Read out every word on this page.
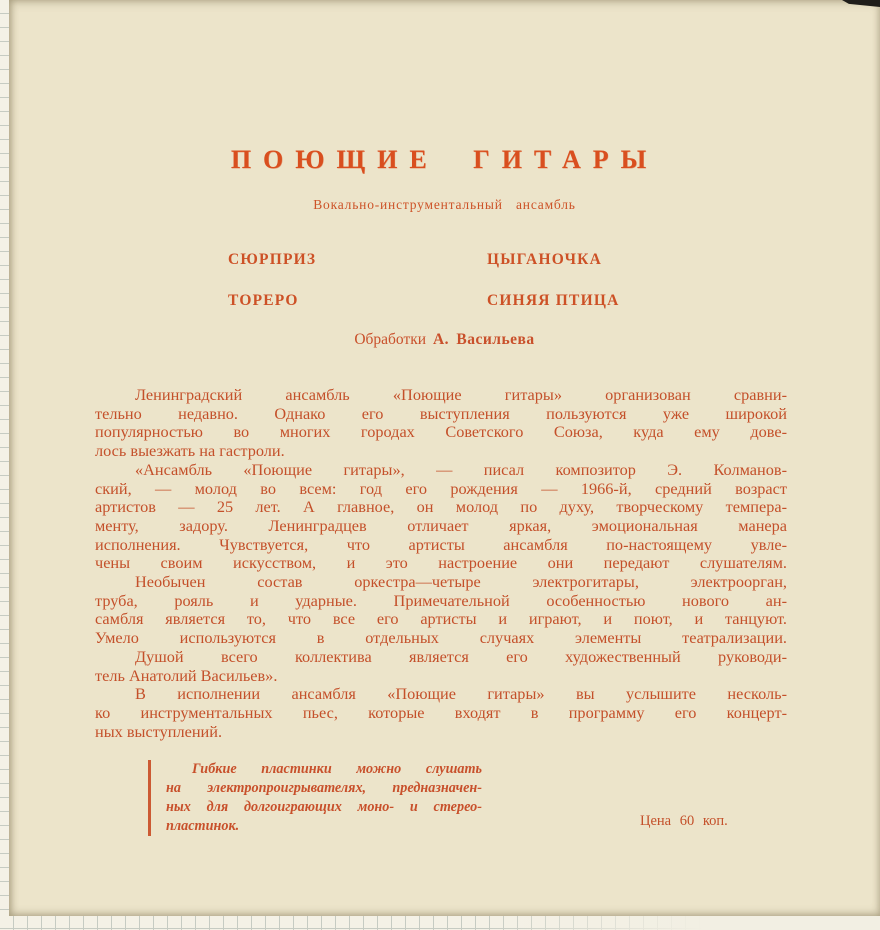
ПОЮЩИЕ ГИТАРЫ
Вокально-инструментальный ансамбль
СЮРПРИЗ	ЦЫГАНОЧКА
ТОРЕРО	СИНЯЯ ПТИЦА
Обработки А. Васильева
Ленинградский ансамбль «Поющие гитары» организован сравни-
тельно недавно. Однако его выступления пользуются уже широкой
популярностью во многих городах Советского Союза, куда ему дове-
лось выезжать на гастроли.
«Ансамбль «Поющие гитары», — писал композитор Э. Колманов-
ский, — молод во всем: год его рождения — 1966-й, средний возраст
артистов — 25 лет. А главное, он молод по духу, творческому темпера-
менту, задору. Ленинградцев отличает яркая, эмоциональная манера
исполнения. Чувствуется, что артисты ансамбля по-настоящему увле-
чены своим искусством, и это настроение они передают слушателям.
Необычен состав оркестра—четыре электрогитары, электроорган,
труба, рояль и ударные. Примечательной особенностью нового ан-
самбля является то, что все его артисты и играют, и поют, и танцуют.
Умело используются в отдельных случаях элементы театрализации.
Душой всего коллектива является его художественный руководи-
тель Анатолий Васильев».
В исполнении ансамбля «Поющие гитары» вы услышите несколь-
ко инструментальных пьес, которые входят в программу его концерт-
ных выступлений.
Гибкие пластинки можно слушать
на электропроигрывателях, предназначен-
ных для долгоиграющих моно- и стерео-
пластинок.	Цена 60 коп.
